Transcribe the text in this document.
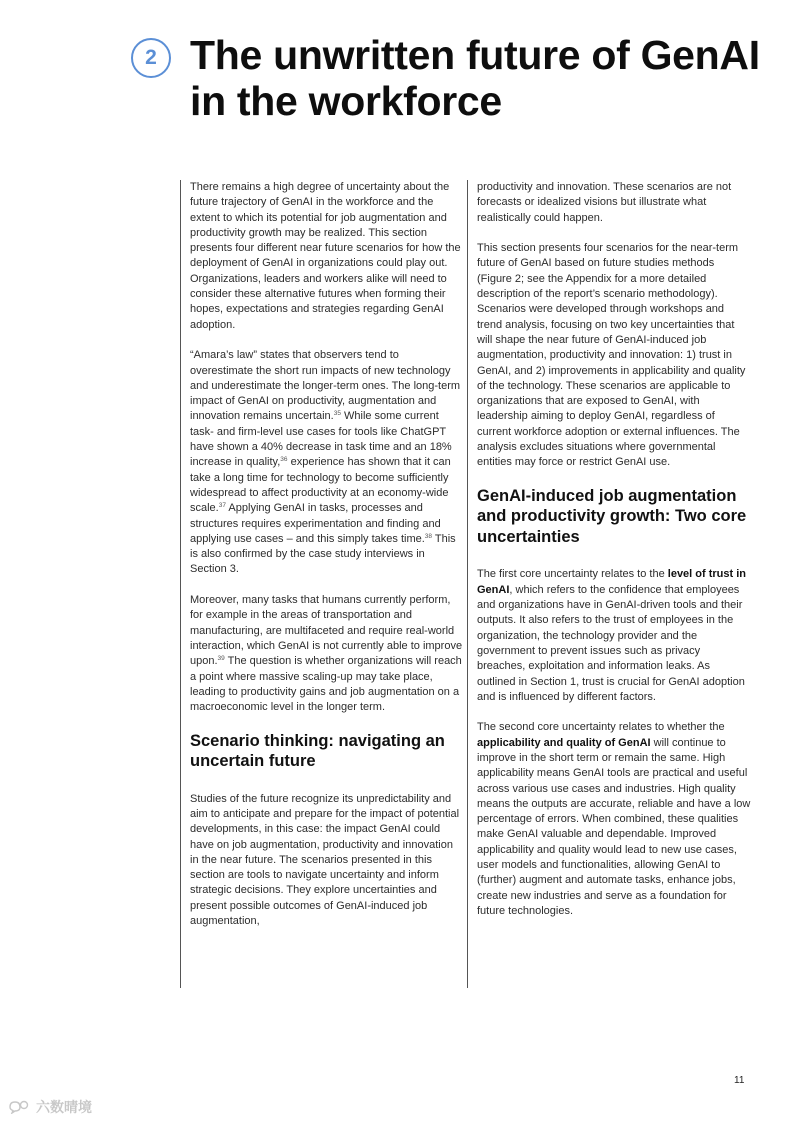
2 The unwritten future of GenAI in the workforce

There remains a high degree of uncertainty about the future trajectory of GenAI in the workforce and the extent to which its potential for job augmentation and productivity growth may be realized. This section presents four different near future scenarios for how the deployment of GenAI in organizations could play out. Organizations, leaders and workers alike will need to consider these alternative futures when forming their hopes, expectations and strategies regarding GenAI adoption.

“Amara’s law” states that observers tend to overestimate the short run impacts of new technology and underestimate the longer-term ones. The long-term impact of GenAI on productivity, augmentation and innovation remains uncertain.$^{35}$ While some current task- and firm-level use cases for tools like ChatGPT have shown a 40% decrease in task time and an 18% increase in quality,$^{36}$ experience has shown that it can take a long time for technology to become sufficiently widespread to affect productivity at an economy-wide scale.$^{37}$ Applying GenAI in tasks, processes and structures requires experimentation and finding and applying use cases – and this simply takes time.$^{38}$ This is also confirmed by the case study interviews in Section 3.

Moreover, many tasks that humans currently perform, for example in the areas of transportation and manufacturing, are multifaceted and require real-world interaction, which GenAI is not currently able to improve upon.$^{39}$ The question is whether organizations will reach a point where massive scaling-up may take place, leading to productivity gains and job augmentation on a macroeconomic level in the longer term.

Scenario thinking: navigating an uncertain future

Studies of the future recognize its unpredictability and aim to anticipate and prepare for the impact of potential developments, in this case: the impact GenAI could have on job augmentation, productivity and innovation in the near future. The scenarios presented in this section are tools to navigate uncertainty and inform strategic decisions. They explore uncertainties and present possible outcomes of GenAI-induced job augmentation,

productivity and innovation. These scenarios are not forecasts or idealized visions but illustrate what realistically could happen.

This section presents four scenarios for the near-term future of GenAI based on future studies methods (Figure 2; see the Appendix for a more detailed description of the report’s scenario methodology). Scenarios were developed through workshops and trend analysis, focusing on two key uncertainties that will shape the near future of GenAI-induced job augmentation, productivity and innovation: 1) trust in GenAI, and 2) improvements in applicability and quality of the technology. These scenarios are applicable to organizations that are exposed to GenAI, with leadership aiming to deploy GenAI, regardless of current workforce adoption or external influences. The analysis excludes situations where governmental entities may force or restrict GenAI use.

GenAI-induced job augmentation and productivity growth: Two core uncertainties

The first core uncertainty relates to the level of trust in GenAI, which refers to the confidence that employees and organizations have in GenAI-driven tools and their outputs. It also refers to the trust of employees in the organization, the technology provider and the government to prevent issues such as privacy breaches, exploitation and information leaks. As outlined in Section 1, trust is crucial for GenAI adoption and is influenced by different factors.

The second core uncertainty relates to whether the applicability and quality of GenAI will continue to improve in the short term or remain the same. High applicability means GenAI tools are practical and useful across various use cases and industries. High quality means the outputs are accurate, reliable and have a low percentage of errors. When combined, these qualities make GenAI valuable and dependable. Improved applicability and quality would lead to new use cases, user models and functionalities, allowing GenAI to (further) augment and automate tasks, enhance jobs, create new industries and serve as a foundation for future technologies.

11
六数晴境
